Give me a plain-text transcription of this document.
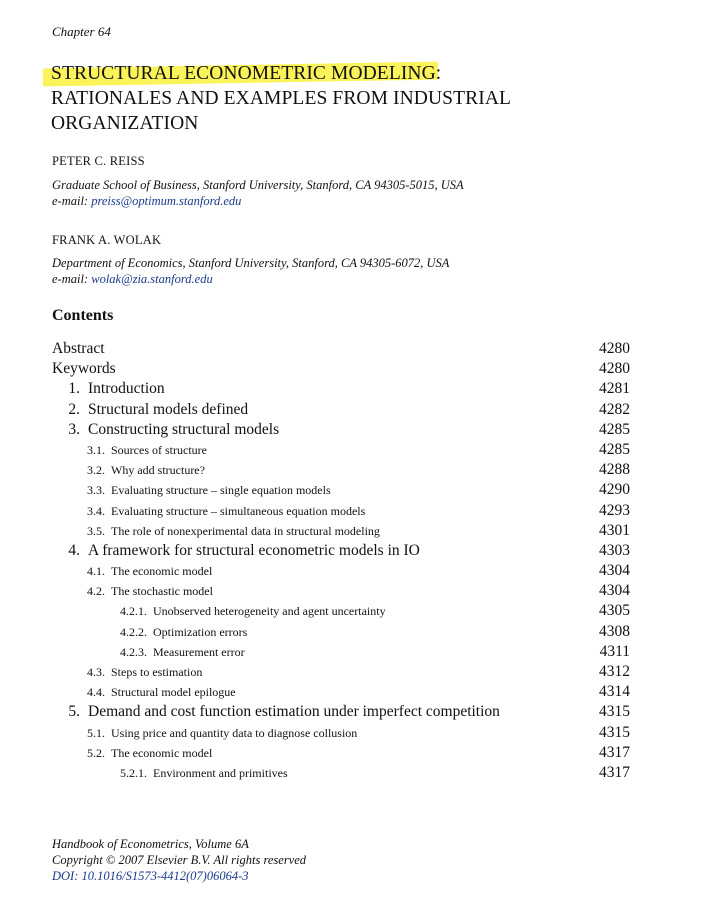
Chapter 64
STRUCTURAL ECONOMETRIC MODELING:
RATIONALES AND EXAMPLES FROM INDUSTRIAL
ORGANIZATION
PETER C. REISS
Graduate School of Business, Stanford University, Stanford, CA 94305-5015, USA
e-mail: preiss@optimum.stanford.edu
FRANK A. WOLAK
Department of Economics, Stanford University, Stanford, CA 94305-6072, USA
e-mail: wolak@zia.stanford.edu
Contents
Abstract	4280
Keywords	4280
1. Introduction	4281
2. Structural models defined	4282
3. Constructing structural models	4285
3.1. Sources of structure	4285
3.2. Why add structure?	4288
3.3. Evaluating structure – single equation models	4290
3.4. Evaluating structure – simultaneous equation models	4293
3.5. The role of nonexperimental data in structural modeling	4301
4. A framework for structural econometric models in IO	4303
4.1. The economic model	4304
4.2. The stochastic model	4304
4.2.1. Unobserved heterogeneity and agent uncertainty	4305
4.2.2. Optimization errors	4308
4.2.3. Measurement error	4311
4.3. Steps to estimation	4312
4.4. Structural model epilogue	4314
5. Demand and cost function estimation under imperfect competition	4315
5.1. Using price and quantity data to diagnose collusion	4315
5.2. The economic model	4317
5.2.1. Environment and primitives	4317
Handbook of Econometrics, Volume 6A
Copyright © 2007 Elsevier B.V. All rights reserved
DOI: 10.1016/S1573-4412(07)06064-3
